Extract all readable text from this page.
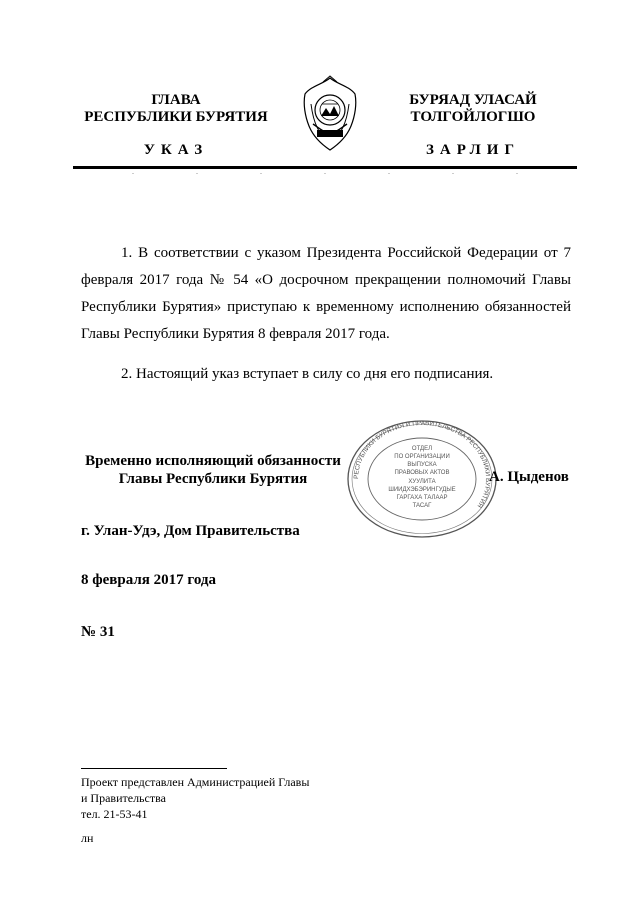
ГЛАВА
РЕСПУБЛИКИ БУРЯТИЯ
БУРЯАД УЛАСАЙ
ТОЛГОЙЛОГШО
УКАЗ	ЗАРЛИГ

1. В соответствии с указом Президента Российской Федерации от 7 февраля 2017 года № 54 «О досрочном прекращении полномочий Главы Республики Бурятия» приступаю к временному исполнению обязанностей Главы Республики Бурятия 8 февраля 2017 года.

2. Настоящий указ вступает в силу со дня его подписания.

Временно исполняющий обязанности
Главы Республики Бурятия	РЕСПУБЛИКИ БУРЯТИЯ И ПРАВИТЕЛЬСТВА РЕСПУБЛИКИ БУРЯТИЯ
ОТДЕЛ
ПО ОРГАНИЗАЦИИ
ВЫПУСКА
ПРАВОВЫХ АКТОВ
ХУУЛИТА
ШИИДХЭБЭРИНГУДЫЕ
ГАРГАХА ТАЛААР
ТАСАГ
А. Цыденов
г. Улан-Удэ, Дом Правительства
8 февраля 2017 года
№ 31
Проект представлен Администрацией Главы
и Правительства
тел. 21-53-41
лн
